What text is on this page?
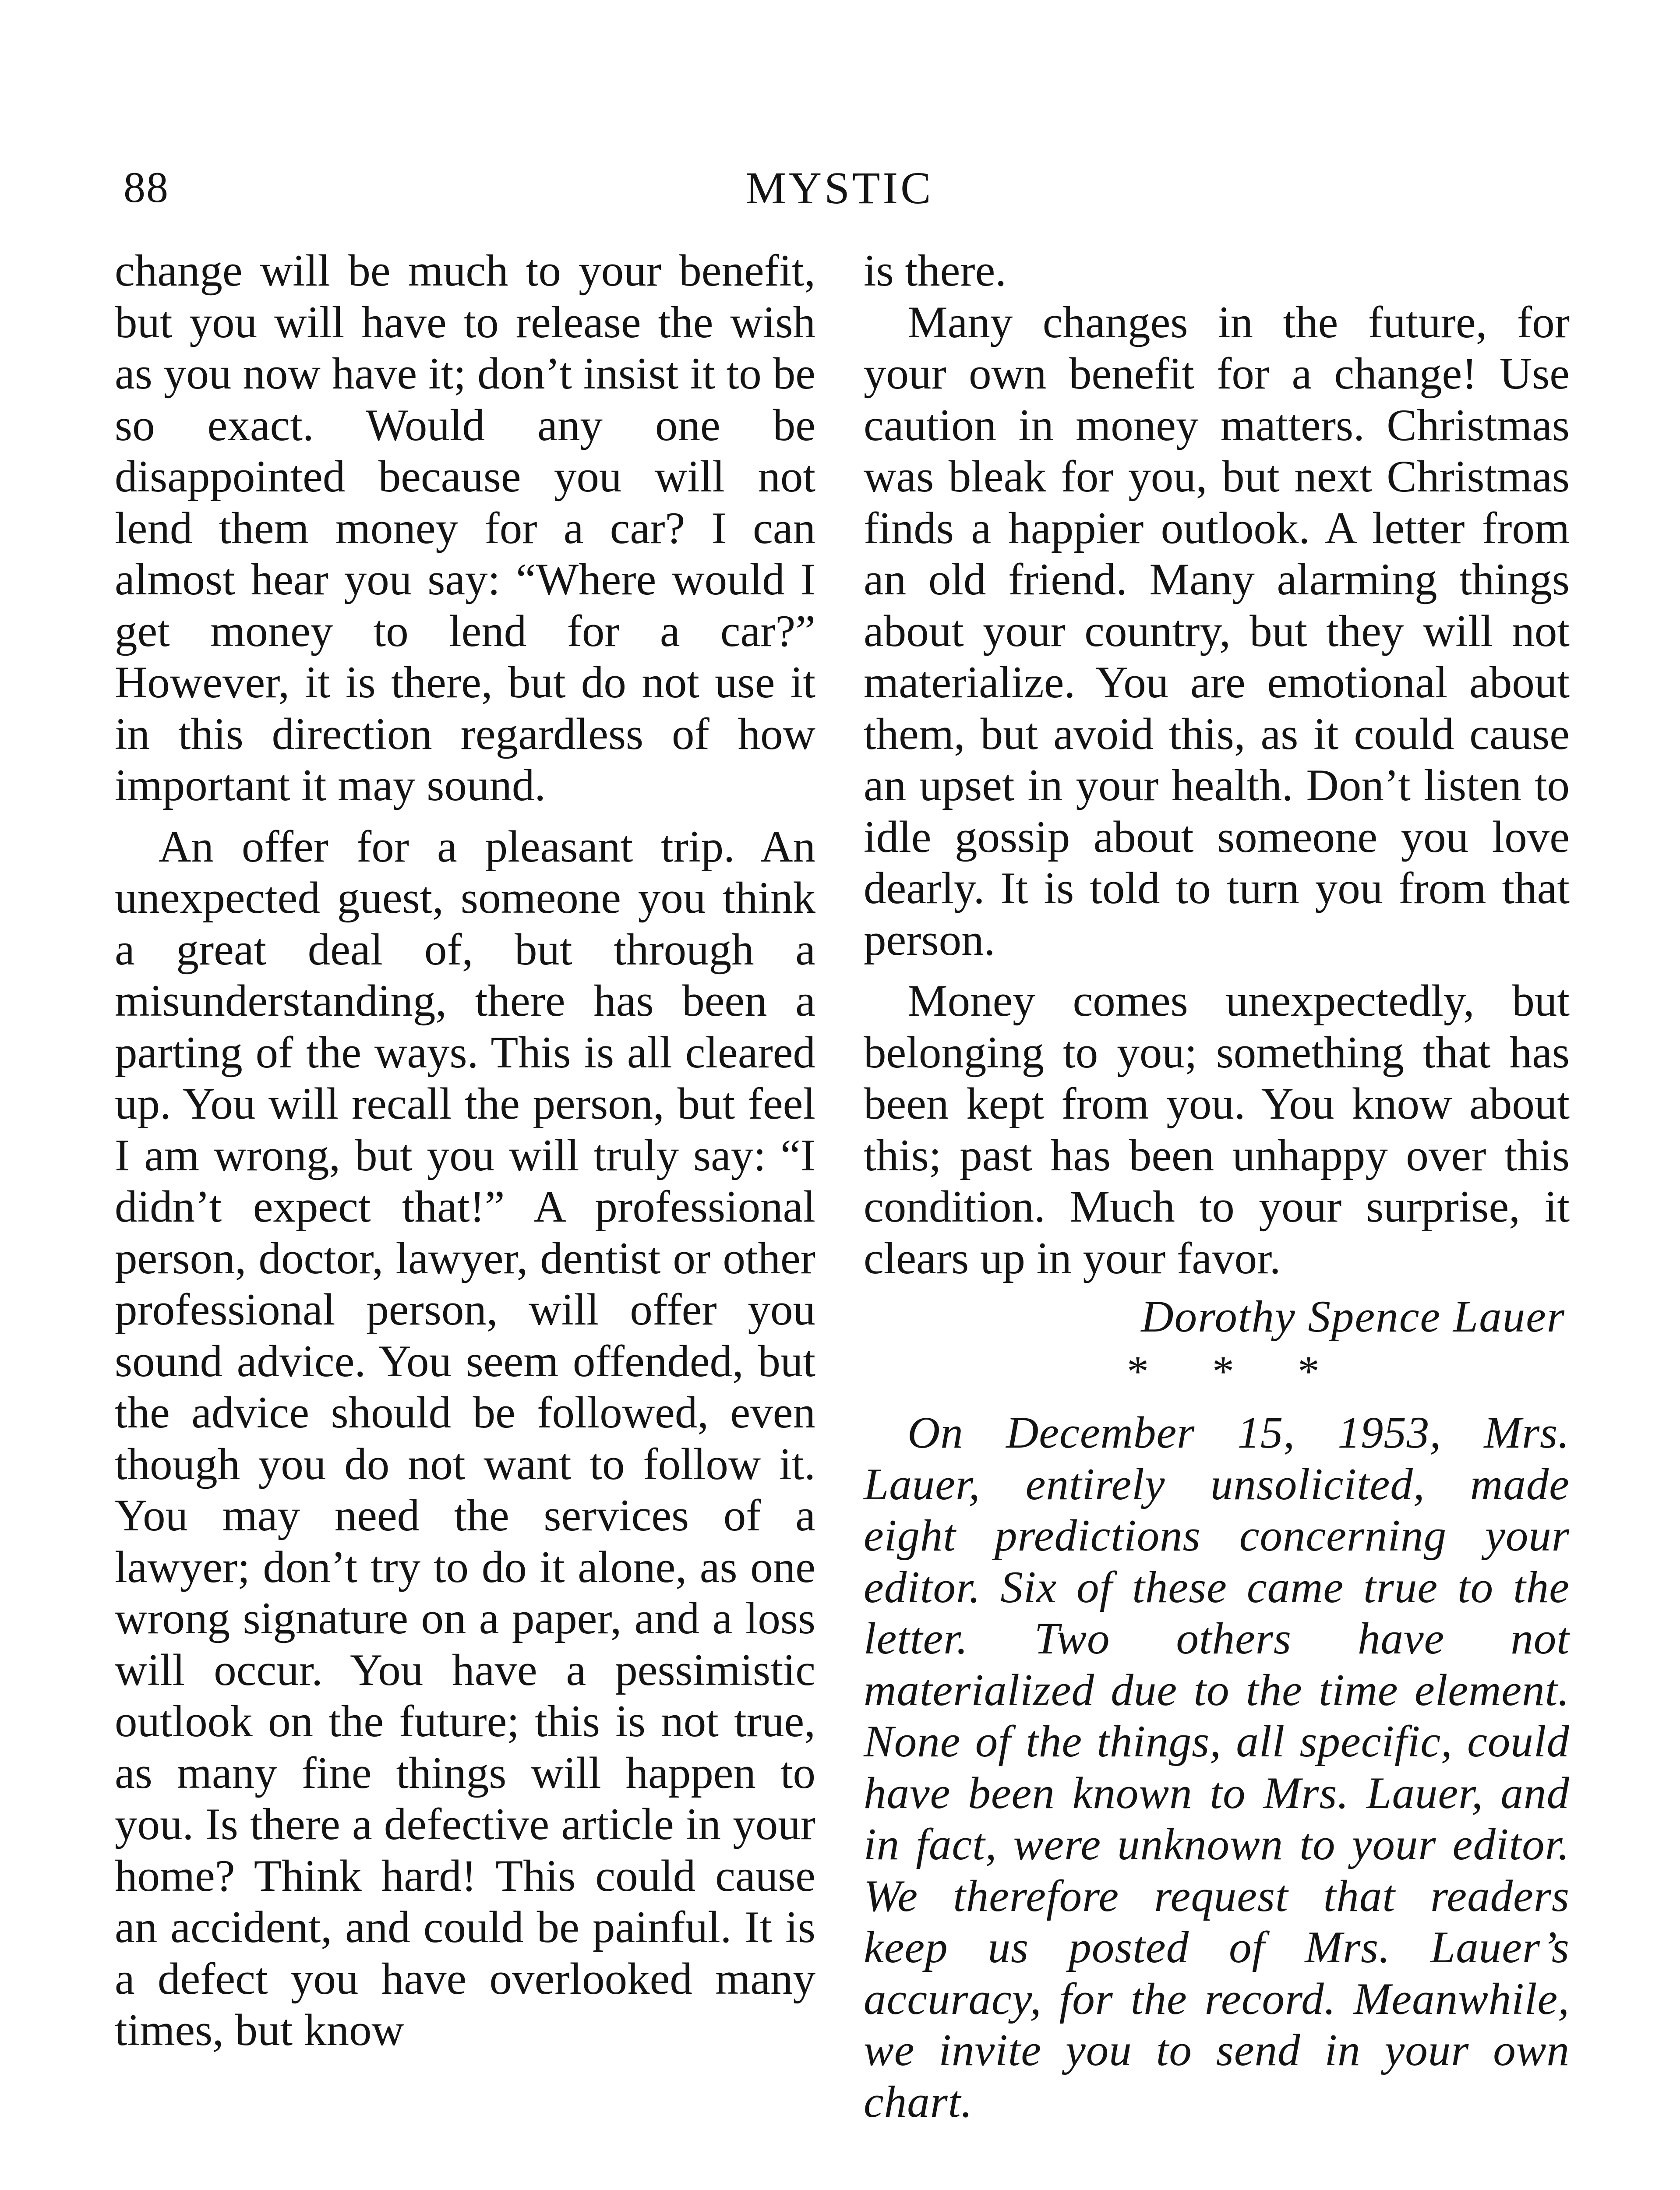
88	MYSTIC

change will be much to your benefit, but you will have to release the wish as you now have it; don’t insist it to be so exact. Would any one be disappointed because you will not lend them money for a car? I can almost hear you say: “Where would I get money to lend for a car?” However, it is there, but do not use it in this direction regardless of how important it may sound.

An offer for a pleasant trip. An unexpected guest, someone you think a great deal of, but through a misunderstanding, there has been a parting of the ways. This is all cleared up. You will recall the person, but feel I am wrong, but you will truly say: “I didn’t expect that!” A professional person, doctor, lawyer, dentist or other professional person, will offer you sound advice. You seem offended, but the advice should be followed, even though you do not want to follow it. You may need the services of a lawyer; don’t try to do it alone, as one wrong signature on a paper, and a loss will occur. You have a pessimistic outlook on the future; this is not true, as many fine things will happen to you. Is there a defective article in your home? Think hard! This could cause an accident, and could be painful. It is a defect you have overlooked many times, but know

is there.

Many changes in the future, for your own benefit for a change! Use caution in money matters. Christmas was bleak for you, but next Christmas finds a happier outlook. A letter from an old friend. Many alarming things about your country, but they will not materialize. You are emotional about them, but avoid this, as it could cause an upset in your health. Don’t listen to idle gossip about someone you love dearly. It is told to turn you from that person.

Money comes unexpectedly, but belonging to you; something that has been kept from you. You know about this; past has been unhappy over this condition. Much to your surprise, it clears up in your favor.

Dorothy Spence Lauer
* * *

On December 15, 1953, Mrs. Lauer, entirely unsolicited, made eight predictions concerning your editor. Six of these came true to the letter. Two others have not materialized due to the time element. None of the things, all specific, could have been known to Mrs. Lauer, and in fact, were unknown to your editor. We therefore request that readers keep us posted of Mrs. Lauer’s accuracy, for the record. Meanwhile, we invite you to send in your own chart.
